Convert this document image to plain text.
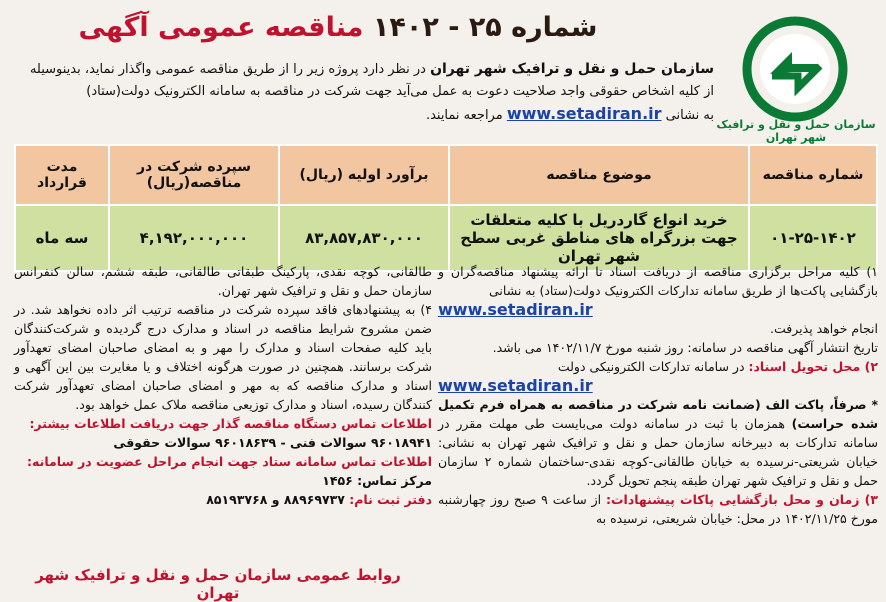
سازمان حمل و نقل و ترافیک شهر تهران
شماره ۲۵ - ۱۴۰۲ مناقصه عمومی آگهی
سازمان حمل و نقل و ترافیک شهر تهران در نظر دارد پروژه زیر را از طریق مناقصه عمومی واگذار نماید، بدینوسیله
از کلیه اشخاص حقوقی واجد صلاحیت دعوت به عمل می‌آید جهت شرکت در مناقصه به سامانه الکترونیک دولت(ستاد)
به نشانی www.setadiran.ir مراجعه نمایند.
شماره مناقصه	موضوع مناقصه	برآورد اولیه (ریال)	سپرده شرکت در مناقصه(ریال)	مدت قرارداد
۰۱-۲۵-۱۴۰۲	خرید انواع گاردریل با کلیه متعلقات جهت بزرگراه های مناطق غربی سطح شهر تهران	۸۳,۸۵۷,۸۳۰,۰۰۰	۴,۱۹۲,۰۰۰,۰۰۰	سه ماه

۱) کلیه مراحل برگزاری مناقصه از دریافت اسناد تا ارائه پیشنهاد مناقصه‌گران و بازگشایی پاکت‌ها از طریق سامانه تدارکات الکترونیک دولت(ستاد) به نشانی

www.setadiran.ir

انجام خواهد پذیرفت.

تاریخ انتشار آگهی مناقصه در سامانه: روز شنبه مورخ ۱۴۰۲/۱۱/۷ می باشد.

۲) محل تحویل اسناد: در سامانه تدارکات الکترونیکی دولت

www.setadiran.ir

* صرفاً، پاکت الف (ضمانت نامه شرکت در مناقصه به همراه فرم تکمیل شده حراست) همزمان با ثبت در سامانه دولت می‌بایست طی مهلت مقرر در سامانه تدارکات به دبیرخانه سازمان حمل و نقل و ترافیک شهر تهران به نشانی: خیابان شریعتی-نرسیده به خیابان طالقانی-کوچه نقدی-ساختمان شماره ۲ سازمان حمل و نقل و ترافیک شهر تهران طبقه پنجم تحویل گردد.

۳) زمان و محل بازگشایی پاکات پیشنهادات: از ساعت ۹ صبح روز چهارشنبه مورخ ۱۴۰۲/۱۱/۲۵ در محل: خیابان شریعتی، نرسیده به

طالقانی، کوچه نقدی، پارکینگ طبقاتی طالقانی، طبقه ششم، سالن کنفرانس سازمان حمل و نقل و ترافیک شهر تهران.

۴) به پیشنهادهای فاقد سپرده شرکت در مناقصه ترتیب اثر داده نخواهد شد. در ضمن مشروح شرایط مناقصه در اسناد و مدارک درج گردیده و شرکت‌کنندگان باید کلیه صفحات اسناد و مدارک را مهر و به امضای صاحبان امضای تعهدآور شرکت برسانند. همچنین در صورت هرگونه اختلاف و یا مغایرت بین این آگهی و اسناد و مدارک مناقصه که به مهر و امضای صاحبان امضای تعهدآور شرکت کنندگان رسیده، اسناد و مدارک توزیعی مناقصه ملاک عمل خواهد بود.

اطلاعات تماس دستگاه مناقصه گذار جهت دریافت اطلاعات بیشتر:

۹۶۰۱۸۹۴۱ سوالات فنی - ۹۶۰۱۸۶۳۹ سوالات حقوقی

اطلاعات تماس سامانه ستاد جهت انجام مراحل عضویت در سامانه:

مرکز تماس: ۱۴۵۶

دفتر ثبت نام: ۸۸۹۶۹۷۳۷ و ۸۵۱۹۳۷۶۸

روابط عمومی سازمان حمل و نقل و ترافیک شهر تهران
